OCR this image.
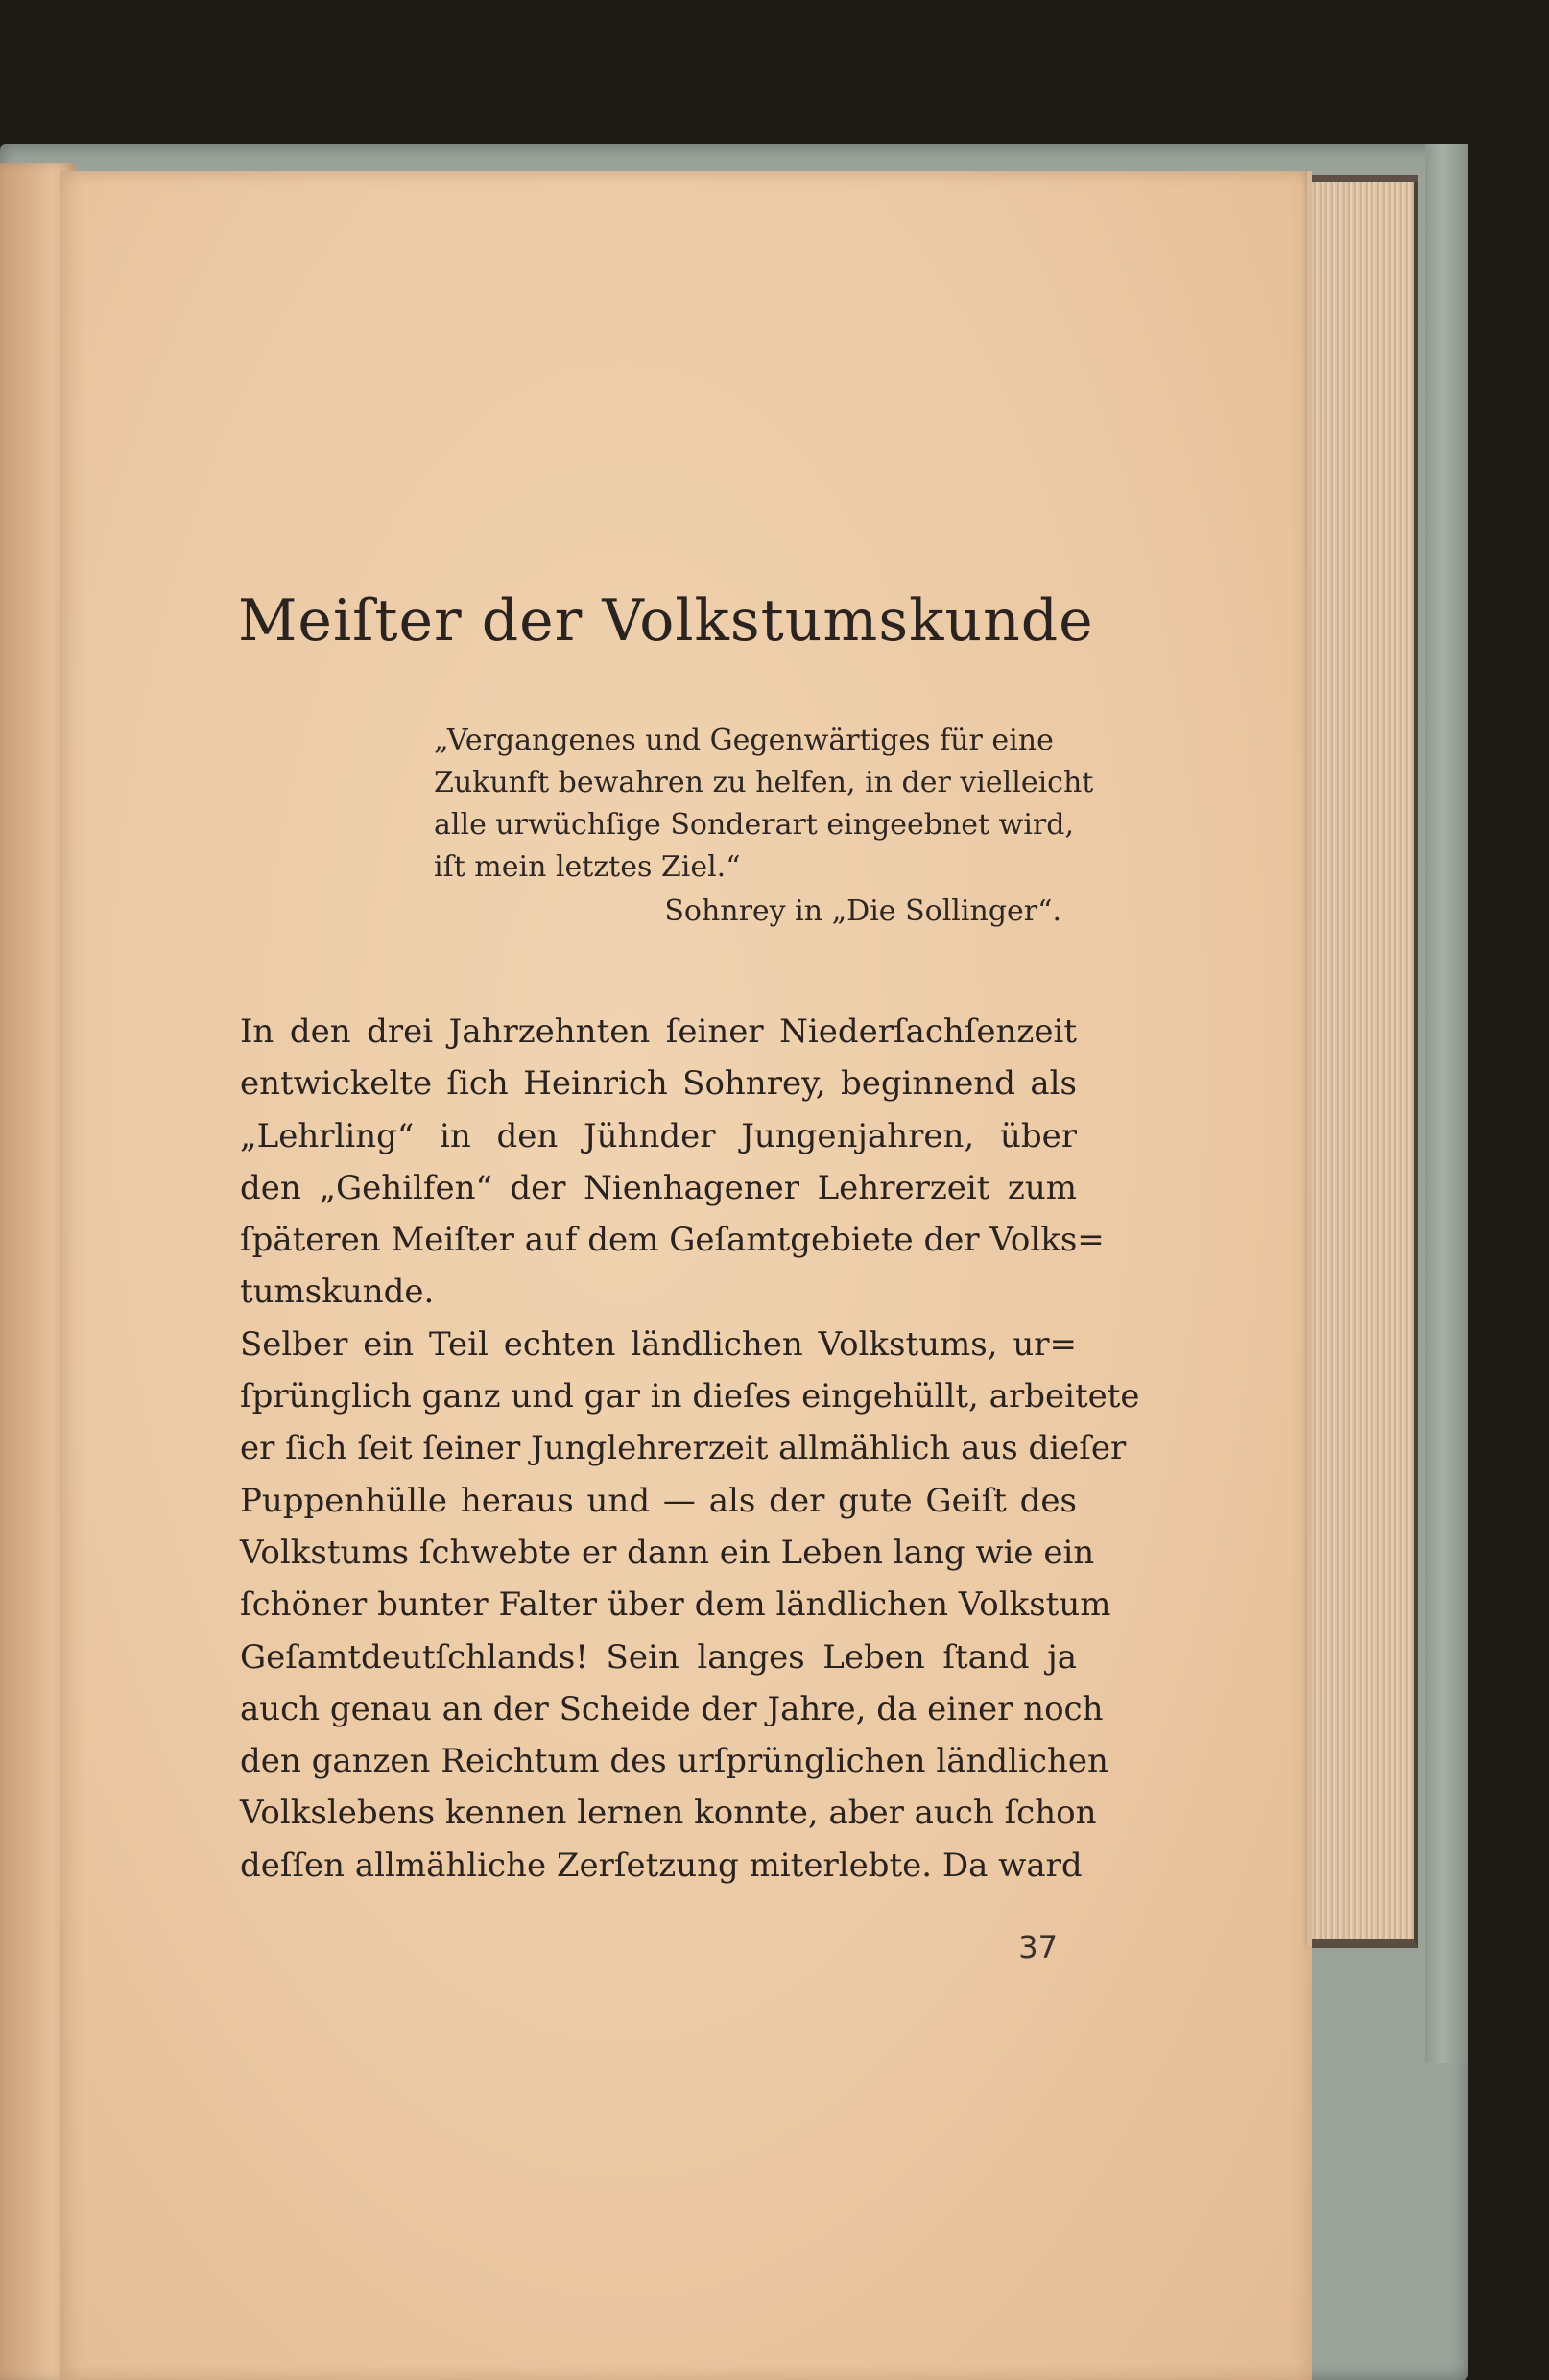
Meiſter der Volkstumskunde

„Vergangenes und Gegenwärtiges für eine

Zukunft bewahren zu helfen, in der vielleicht

alle urwüchſige Sonderart eingeebnet wird,

iſt mein letztes Ziel.“

Sohnrey in „Die Sollinger“.

In den drei Jahrzehnten ſeiner Niederſachſenzeit
entwickelte ſich Heinrich Sohnrey, beginnend als
„Lehrling“ in den Jühnder Jungenjahren, über
den „Gehilfen“ der Nienhagener Lehrerzeit zum
ſpäteren Meiſter auf dem Geſamtgebiete der Volks=
tumskunde.
Selber ein Teil echten ländlichen Volkstums, ur=
ſprünglich ganz und gar in dieſes eingehüllt, arbeitete
er ſich ſeit ſeiner Junglehrerzeit allmählich aus dieſer
Puppenhülle heraus und — als der gute Geiſt des
Volkstums ſchwebte er dann ein Leben lang wie ein
ſchöner bunter Falter über dem ländlichen Volkstum
Geſamtdeutſchlands! Sein langes Leben ſtand ja
auch genau an der Scheide der Jahre, da einer noch
den ganzen Reichtum des urſprünglichen ländlichen
Volkslebens kennen lernen konnte, aber auch ſchon
deſſen allmähliche Zerſetzung miterlebte. Da ward

37
